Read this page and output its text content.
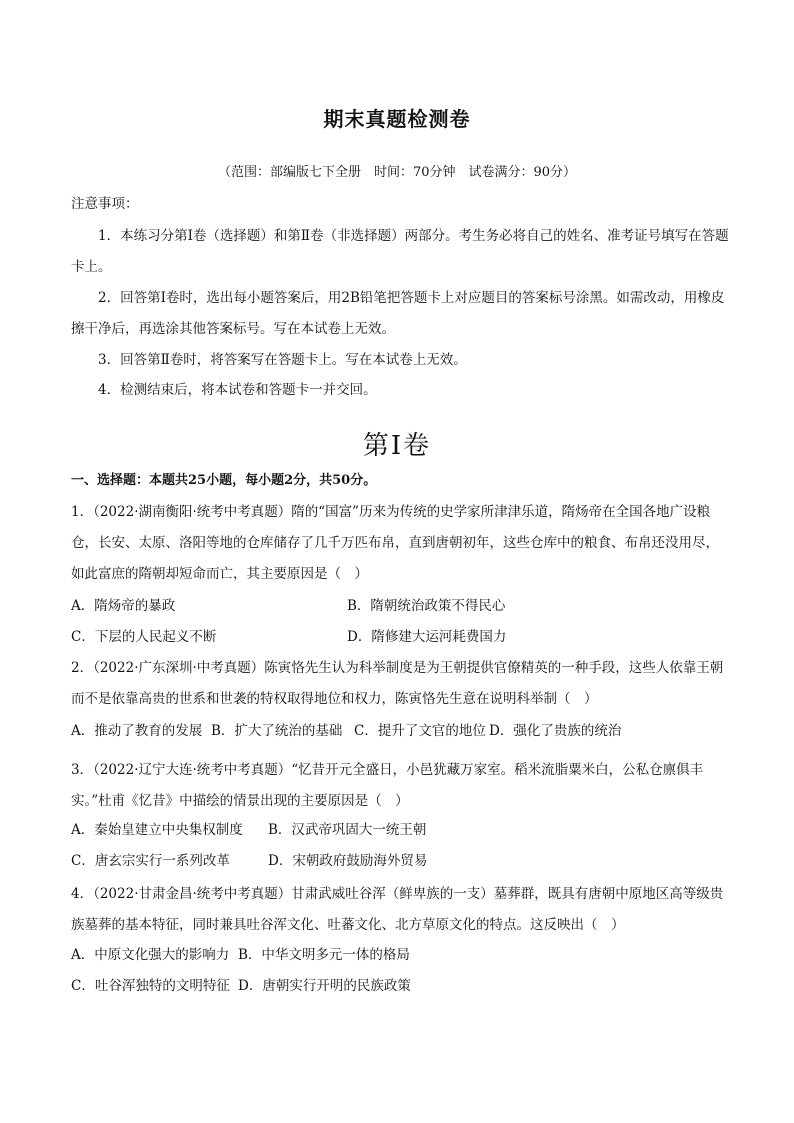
期末真题检测卷
（范围：部编版七下全册　时间：70分钟　试卷满分：90分）
注意事项：
1．本练习分第Ⅰ卷（选择题）和第Ⅱ卷（非选择题）两部分。考生务必将自己的姓名、准考证号填写在答题卡上。
2．回答第Ⅰ卷时，选出每小题答案后，用2B铅笔把答题卡上对应题目的答案标号涂黑。如需改动，用橡皮擦干净后，再选涂其他答案标号。写在本试卷上无效。
3．回答第Ⅱ卷时，将答案写在答题卡上。写在本试卷上无效。
4．检测结束后，将本试卷和答题卡一并交回。
第Ⅰ卷
一、选择题：本题共25小题，每小题2分，共50分。
1．（2022·湖南衡阳·统考中考真题）隋的“国富”历来为传统的史学家所津津乐道，隋炀帝在全国各地广设粮仓，长安、太原、洛阳等地的仓库储存了几千万匹布帛，直到唐朝初年，这些仓库中的粮食、布帛还没用尽，如此富庶的隋朝却短命而亡，其主要原因是（　）
A．隋炀帝的暴政	B．隋朝统治政策不得民心
C．下层的人民起义不断	D．隋修建大运河耗费国力
2．（2022·广东深圳·中考真题）陈寅恪先生认为科举制度是为王朝提供官僚精英的一种手段，这些人依靠王朝而不是依靠高贵的世系和世袭的特权取得地位和权力，陈寅恪先生意在说明科举制（　）
A．推动了教育的发展 B．扩大了统治的基础 C．提升了文官的地位 D．强化了贵族的统治
3．（2022·辽宁大连·统考中考真题）“忆昔开元全盛日，小邑犹藏万家室。稻米流脂粟米白，公私仓廪俱丰实。”杜甫《忆昔》中描绘的情景出现的主要原因是（　）
A．秦始皇建立中央集权制度 B．汉武帝巩固大一统王朝
C．唐玄宗实行一系列改革	D．宋朝政府鼓励海外贸易
4．（2022·甘肃金昌·统考中考真题）甘肃武威吐谷浑（鲜卑族的一支）墓葬群，既具有唐朝中原地区高等级贵族墓葬的基本特征，同时兼具吐谷浑文化、吐蕃文化、北方草原文化的特点。这反映出（　）
A．中原文化强大的影响力 B．中华文明多元一体的格局
C．吐谷浑独特的文明特征 D．唐朝实行开明的民族政策
